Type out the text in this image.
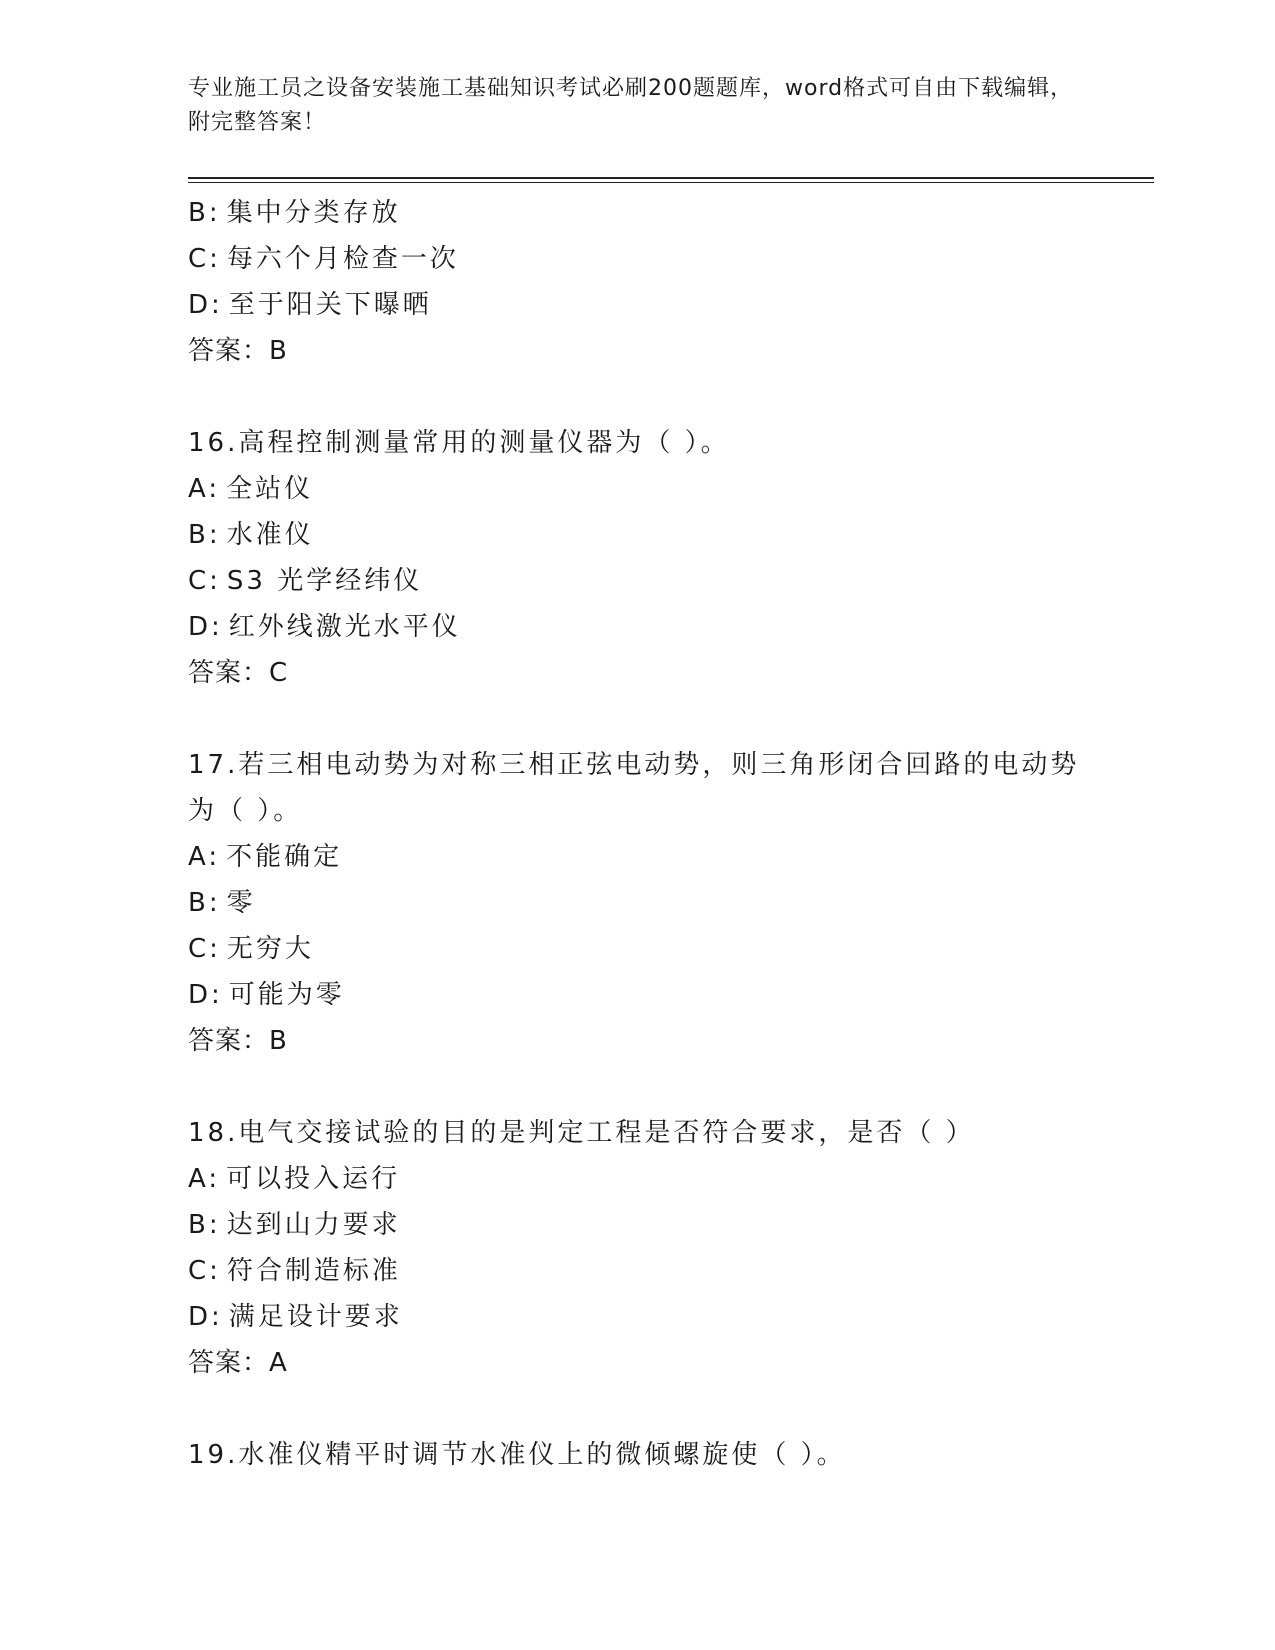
专业施工员之设备安装施工基础知识考试必刷200题题库，word格式可自由下载编辑，附完整答案！
B: 集中分类存放
C: 每六个月检查一次
D: 至于阳关下曝晒
答案：B
16.高程控制测量常用的测量仪器为（ ）。
A: 全站仪
B: 水准仪
C: S3 光学经纬仪
D: 红外线激光水平仪
答案：C
17.若三相电动势为对称三相正弦电动势，则三角形闭合回路的电动势为（ ）。
A: 不能确定
B: 零
C: 无穷大
D: 可能为零
答案：B
18.电气交接试验的目的是判定工程是否符合要求，是否（ ）
A: 可以投入运行
B: 达到山力要求
C: 符合制造标准
D: 满足设计要求
答案：A
19.水准仪精平时调节水准仪上的微倾螺旋使（ ）。
